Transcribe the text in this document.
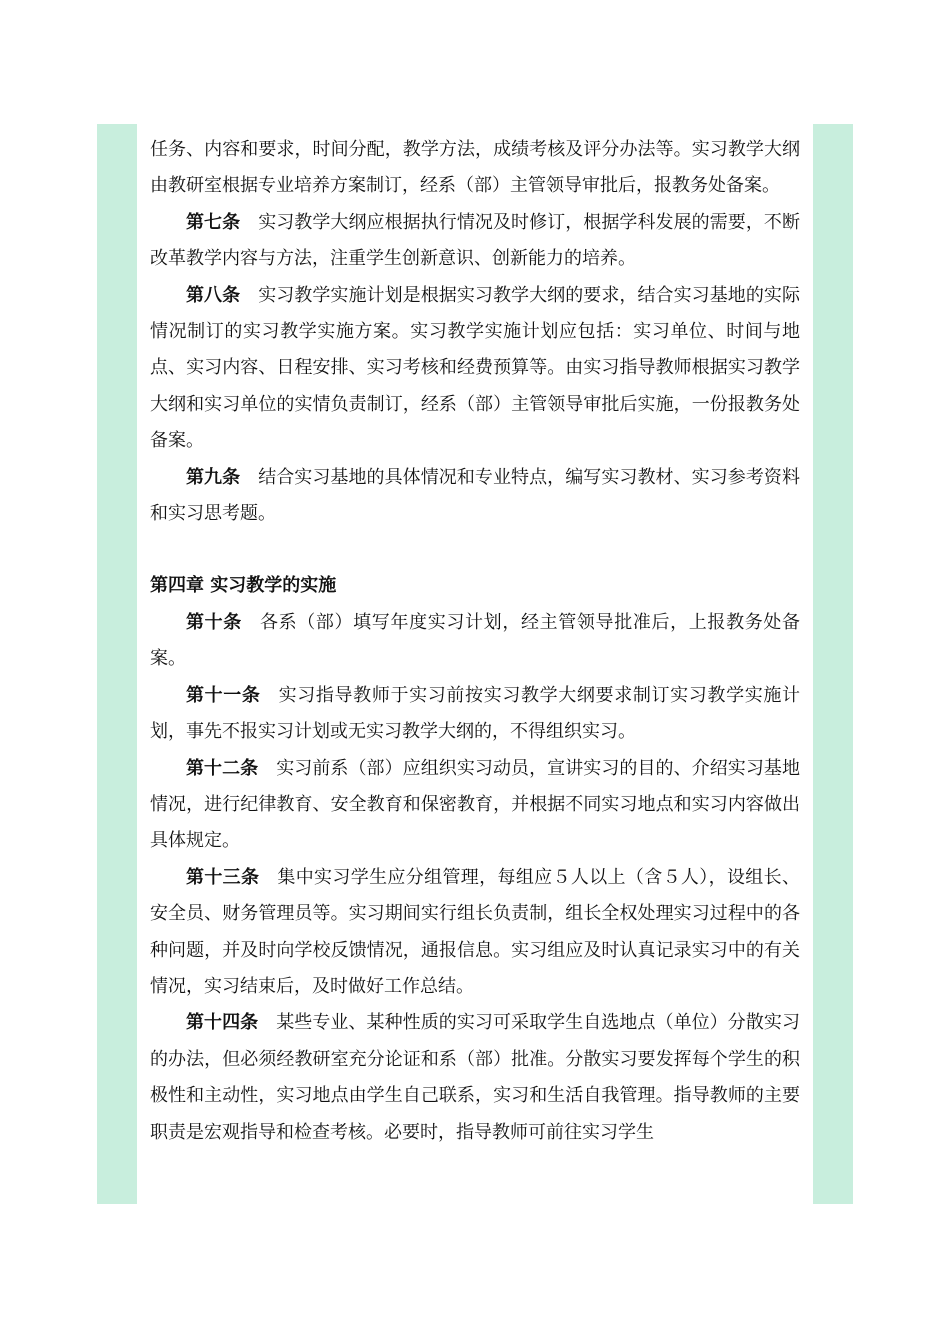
任务、内容和要求，时间分配，教学方法，成绩考核及评分办法等。实习教学大纲由教研室根据专业培养方案制订，经系（部）主管领导审批后，报教务处备案。

第七条 实习教学大纲应根据执行情况及时修订，根据学科发展的需要，不断改革教学内容与方法，注重学生创新意识、创新能力的培养。

第八条 实习教学实施计划是根据实习教学大纲的要求，结合实习基地的实际情况制订的实习教学实施方案。实习教学实施计划应包括：实习单位、时间与地点、实习内容、日程安排、实习考核和经费预算等。由实习指导教师根据实习教学大纲和实习单位的实情负责制订，经系（部）主管领导审批后实施，一份报教务处备案。

第九条 结合实习基地的具体情况和专业特点，编写实习教材、实习参考资料和实习思考题。

第四章 实习教学的实施

第十条 各系（部）填写年度实习计划，经主管领导批准后，上报教务处备案。

第十一条 实习指导教师于实习前按实习教学大纲要求制订实习教学实施计划，事先不报实习计划或无实习教学大纲的，不得组织实习。

第十二条 实习前系（部）应组织实习动员，宣讲实习的目的、介绍实习基地情况，进行纪律教育、安全教育和保密教育，并根据不同实习地点和实习内容做出具体规定。

第十三条 集中实习学生应分组管理，每组应５人以上（含５人），设组长、安全员、财务管理员等。实习期间实行组长负责制，组长全权处理实习过程中的各种问题，并及时向学校反馈情况，通报信息。实习组应及时认真记录实习中的有关情况，实习结束后，及时做好工作总结。

第十四条 某些专业、某种性质的实习可采取学生自选地点（单位）分散实习的办法，但必须经教研室充分论证和系（部）批准。分散实习要发挥每个学生的积极性和主动性，实习地点由学生自己联系，实习和生活自我管理。指导教师的主要职责是宏观指导和检查考核。必要时，指导教师可前往实习学生
